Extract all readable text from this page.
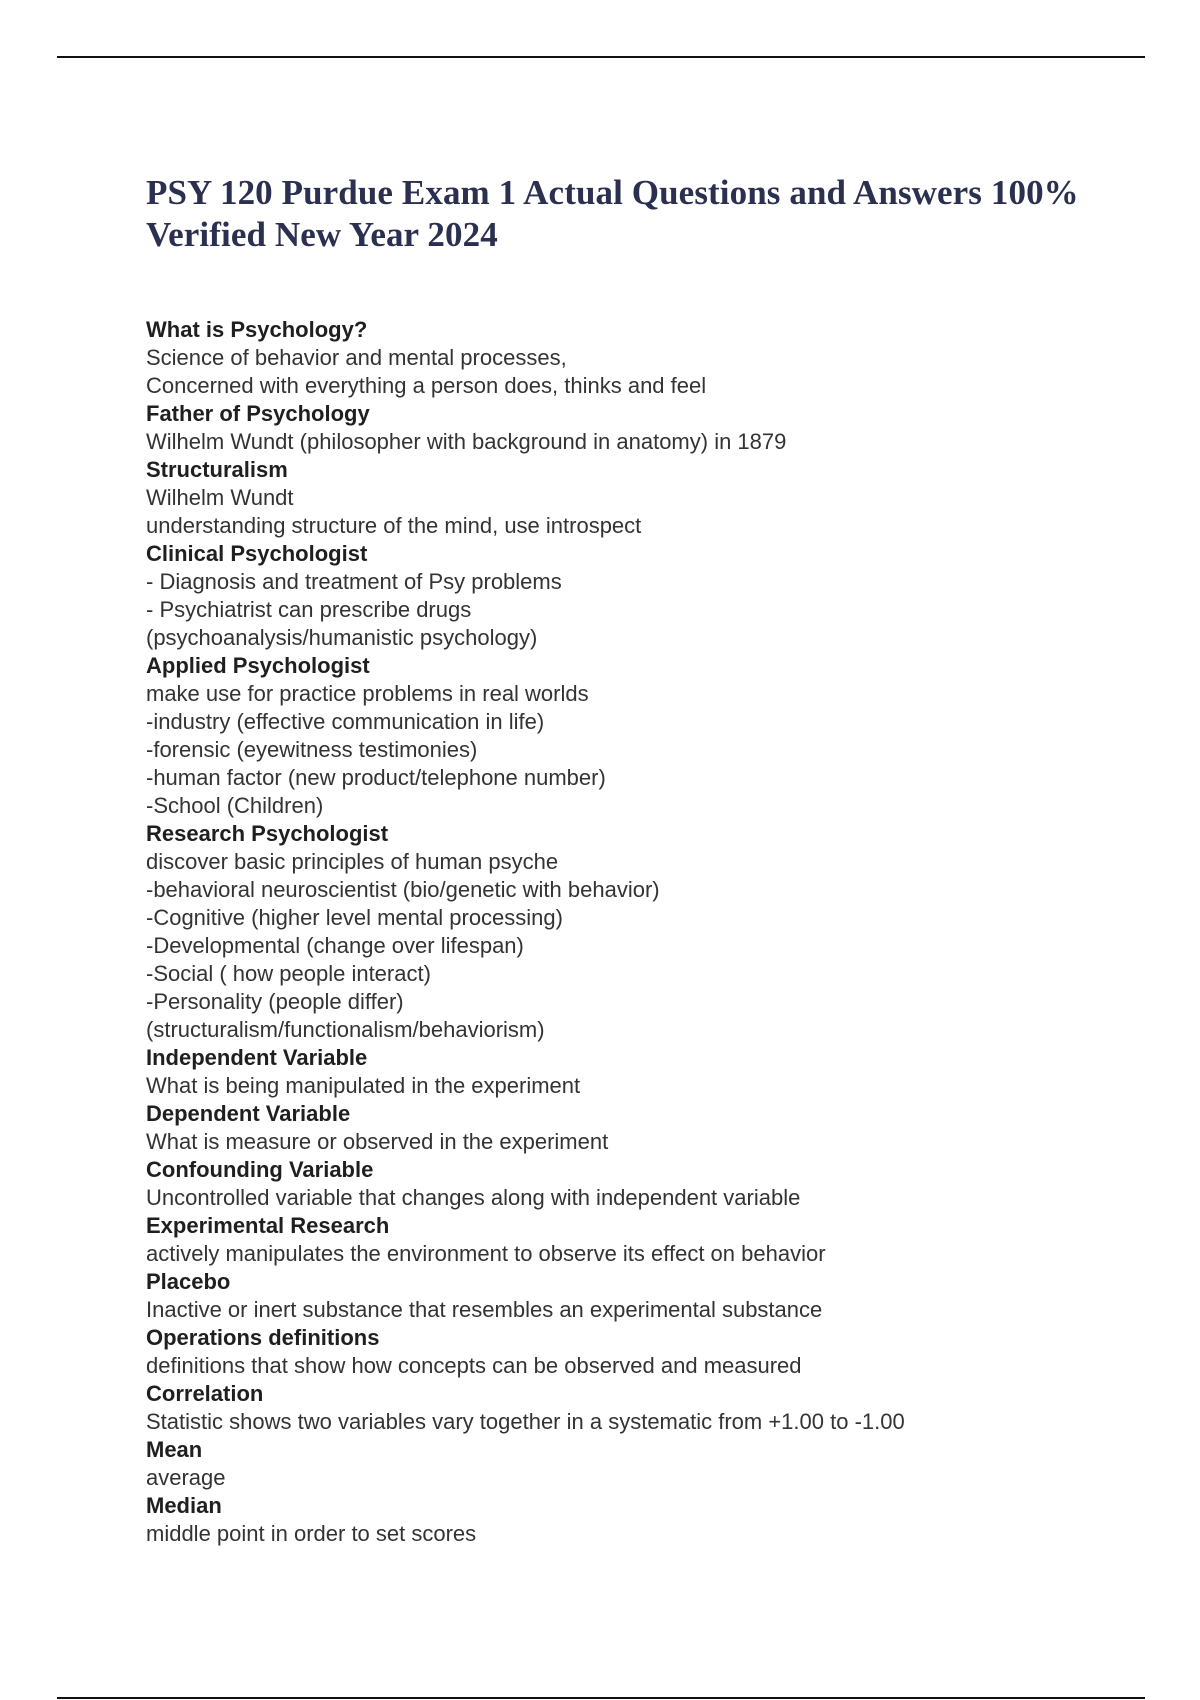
PSY 120 Purdue Exam 1 Actual Questions and Answers 100% Verified New Year 2024
What is Psychology?
Science of behavior and mental processes,
Concerned with everything a person does, thinks and feel
Father of Psychology
Wilhelm Wundt (philosopher with background in anatomy) in 1879
Structuralism
Wilhelm Wundt
understanding structure of the mind, use introspect
Clinical Psychologist
- Diagnosis and treatment of Psy problems
- Psychiatrist can prescribe drugs
(psychoanalysis/humanistic psychology)
Applied Psychologist
make use for practice problems in real worlds
-industry (effective communication in life)
-forensic (eyewitness testimonies)
-human factor (new product/telephone number)
-School (Children)
Research Psychologist
discover basic principles of human psyche
-behavioral neuroscientist (bio/genetic with behavior)
-Cognitive (higher level mental processing)
-Developmental (change over lifespan)
-Social ( how people interact)
-Personality (people differ)
(structuralism/functionalism/behaviorism)
Independent Variable
What is being manipulated in the experiment
Dependent Variable
What is measure or observed in the experiment
Confounding Variable
Uncontrolled variable that changes along with independent variable
Experimental Research
actively manipulates the environment to observe its effect on behavior
Placebo
Inactive or inert substance that resembles an experimental substance
Operations definitions
definitions that show how concepts can be observed and measured
Correlation
Statistic shows two variables vary together in a systematic from +1.00 to -1.00
Mean
average
Median
middle point in order to set scores
